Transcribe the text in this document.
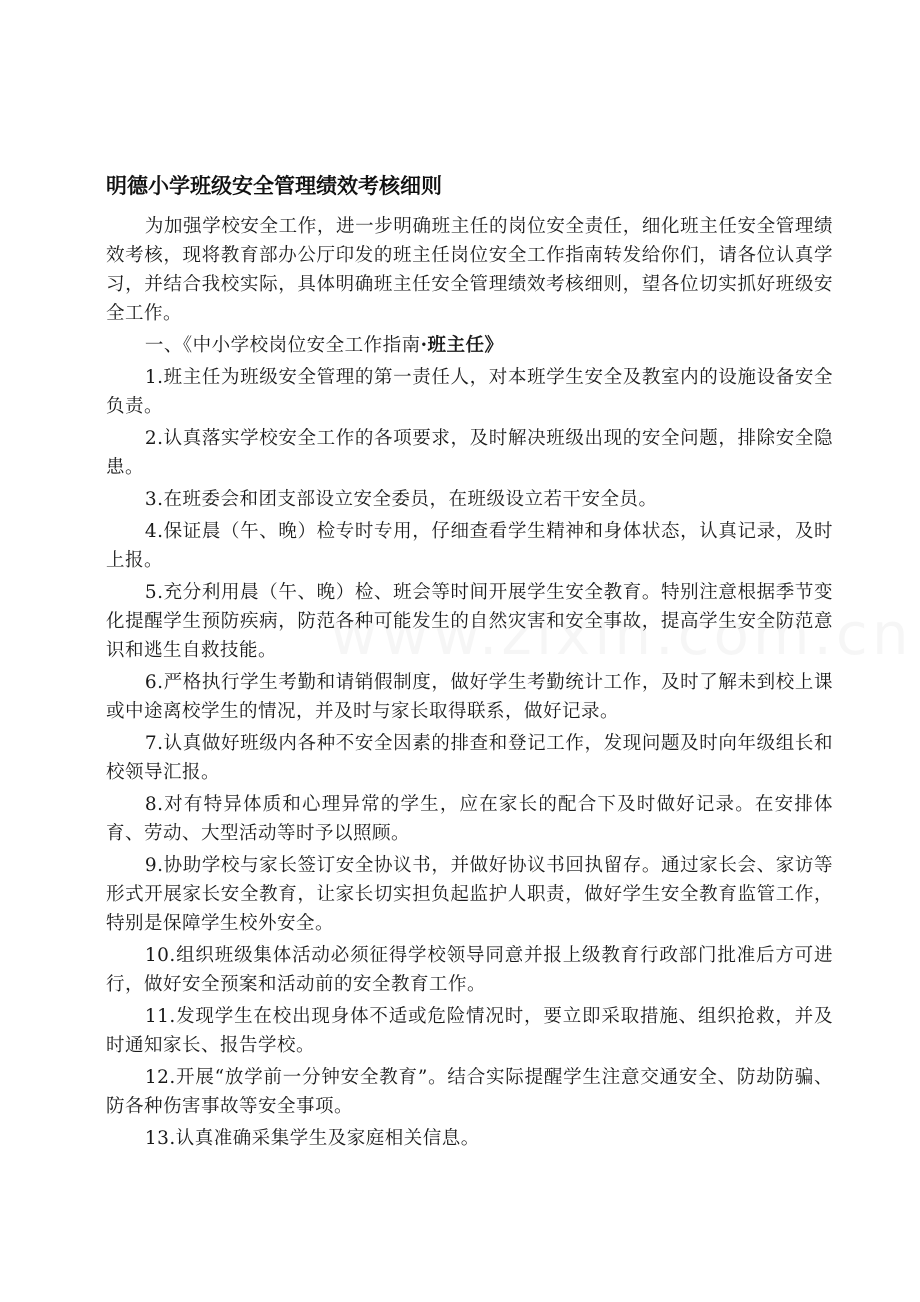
明德小学班级安全管理绩效考核细则

为加强学校安全工作，进一步明确班主任的岗位安全责任，细化班主任安全管理绩效考核，现将教育部办公厅印发的班主任岗位安全工作指南转发给你们，请各位认真学习，并结合我校实际，具体明确班主任安全管理绩效考核细则，望各位切实抓好班级安全工作。

一、《中小学校岗位安全工作指南·班主任》

1.班主任为班级安全管理的第一责任人，对本班学生安全及教室内的设施设备安全负责。

2.认真落实学校安全工作的各项要求，及时解决班级出现的安全问题，排除安全隐患。

3.在班委会和团支部设立安全委员，在班级设立若干安全员。

4.保证晨（午、晚）检专时专用，仔细查看学生精神和身体状态，认真记录，及时上报。

5.充分利用晨（午、晚）检、班会等时间开展学生安全教育。特别注意根据季节变化提醒学生预防疾病，防范各种可能发生的自然灾害和安全事故，提高学生安全防范意识和逃生自救技能。

6.严格执行学生考勤和请销假制度，做好学生考勤统计工作，及时了解未到校上课或中途离校学生的情况，并及时与家长取得联系，做好记录。

7.认真做好班级内各种不安全因素的排查和登记工作，发现问题及时向年级组长和校领导汇报。

8.对有特异体质和心理异常的学生，应在家长的配合下及时做好记录。在安排体育、劳动、大型活动等时予以照顾。

9.协助学校与家长签订安全协议书，并做好协议书回执留存。通过家长会、家访等形式开展家长安全教育，让家长切实担负起监护人职责，做好学生安全教育监管工作，特别是保障学生校外安全。

10.组织班级集体活动必须征得学校领导同意并报上级教育行政部门批准后方可进行，做好安全预案和活动前的安全教育工作。

11.发现学生在校出现身体不适或危险情况时，要立即采取措施、组织抢救，并及时通知家长、报告学校。

12.开展“放学前一分钟安全教育”。结合实际提醒学生注意交通安全、防劫防骗、防各种伤害事故等安全事项。

13.认真准确采集学生及家庭相关信息。
